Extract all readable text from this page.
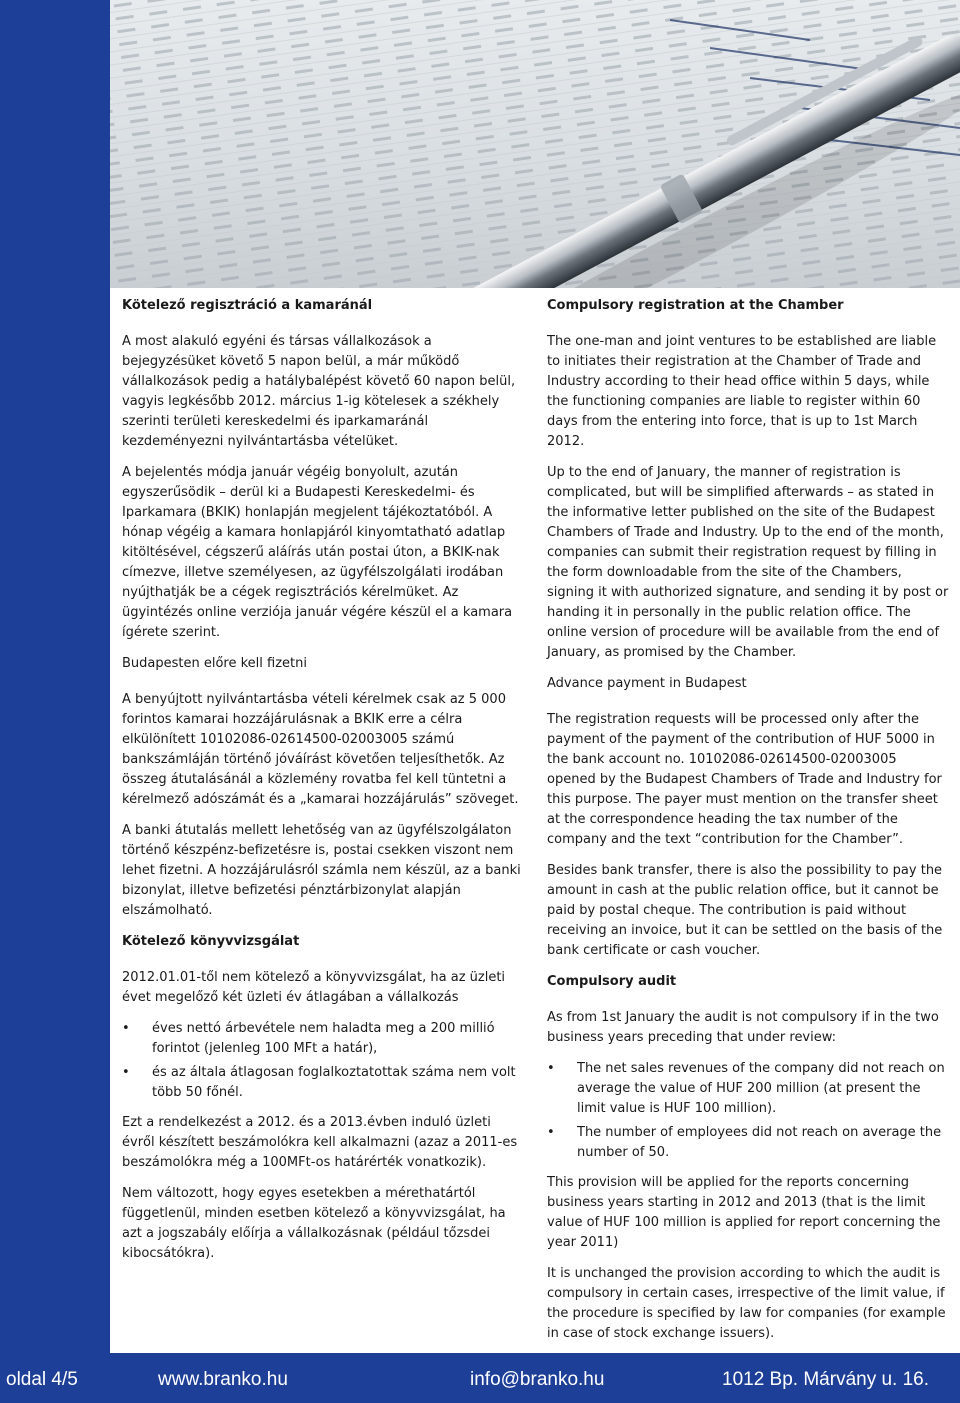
Kötelező regisztráció a kamaránál

A most alakuló egyéni és társas vállalkozások a bejegyzésüket követő 5 napon belül, a már működő vállalkozások pedig a hatálybalépést követő 60 napon belül, vagyis legkésőbb 2012. március 1-ig kötelesek a székhely szerinti területi kereskedelmi és iparkamaránál kezdeményezni nyilvántartásba vételüket.

A bejelentés módja január végéig bonyolult, azután egyszerűsödik – derül ki a Budapesti Kereskedelmi- és Iparkamara (BKIK) honlapján megjelent tájékoztatóból. A hónap végéig a kamara honlapjáról kinyomtatható adatlap kitöltésével, cégszerű aláírás után postai úton, a BKIK-nak címezve, illetve személyesen, az ügyfélszolgálati irodában nyújthatják be a cégek regisztrációs kérelmüket. Az ügyintézés online verziója január végére készül el a kamara ígérete szerint.

Budapesten előre kell fizetni

A benyújtott nyilvántartásba vételi kérelmek csak az 5 000 forintos kamarai hozzájárulásnak a BKIK erre a célra elkülönített 10102086-02614500-02003005 számú bankszámláján történő jóváírást követően teljesíthetők. Az összeg átutalásánál a közlemény rovatba fel kell tüntetni a kérelmező adószámát és a „kamarai hozzájárulás” szöveget.

A banki átutalás mellett lehetőség van az ügyfélszolgálaton történő készpénz-befizetésre is, postai csekken viszont nem lehet fizetni. A hozzájárulásról számla nem készül, az a banki bizonylat, illetve befizetési pénztárbizonylat alapján elszámolható.

Kötelező könyvvizsgálat

2012.01.01-től nem kötelező a könyvvizsgálat, ha az üzleti évet megelőző két üzleti év átlagában a vállalkozás

• éves nettó árbevétele nem haladta meg a 200 millió forintot (jelenleg 100 MFt a határ),
• és az általa átlagosan foglalkoztatottak száma nem volt több 50 főnél.

Ezt a rendelkezést a 2012. és a 2013.évben induló üzleti évről készített beszámolókra kell alkalmazni (azaz a 2011-es beszámolókra még a 100MFt-os határérték vonatkozik).

Nem változott, hogy egyes esetekben a mérethatártól függetlenül, minden esetben kötelező a könyvvizsgálat, ha azt a jogszabály előírja a vállalkozásnak (például tőzsdei kibocsátókra).

Compulsory registration at the Chamber

The one-man and joint ventures to be established are liable to initiates their registration at the Chamber of Trade and Industry according to their head office within 5 days, while the functioning companies are liable to register within 60 days from the entering into force, that is up to 1st March 2012.

Up to the end of January, the manner of registration is complicated, but will be simplified afterwards – as stated in the informative letter published on the site of the Budapest Chambers of Trade and Industry. Up to the end of the month, companies can submit their registration request by filling in the form downloadable from the site of the Chambers, signing it with authorized signature, and sending it by post or handing it in personally in the public relation office. The online version of procedure will be available from the end of January, as promised by the Chamber.

Advance payment in Budapest

The registration requests will be processed only after the payment of the payment of the contribution of HUF 5000 in the bank account no. 10102086-02614500-02003005 opened by the Budapest Chambers of Trade and Industry for this purpose. The payer must mention on the transfer sheet at the correspondence heading the tax number of the company and the text “contribution for the Chamber”.

Besides bank transfer, there is also the possibility to pay the amount in cash at the public relation office, but it cannot be paid by postal cheque. The contribution is paid without receiving an invoice, but it can be settled on the basis of the bank certificate or cash voucher.

Compulsory audit

As from 1st January the audit is not compulsory if in the two business years preceding that under review:

• The net sales revenues of the company did not reach on average the value of HUF 200 million (at present the limit value is HUF 100 million).
• The number of employees did not reach on average the number of 50.

This provision will be applied for the reports concerning business years starting in 2012 and 2013 (that is the limit value of HUF 100 million is applied for report concerning the year 2011)

It is unchanged the provision according to which the audit is compulsory in certain cases, irrespective of the limit value, if the procedure is specified by law for companies (for example in case of stock exchange issuers).

oldal 4/5	www.branko.hu	info@branko.hu	1012 Bp. Márvány u. 16.
